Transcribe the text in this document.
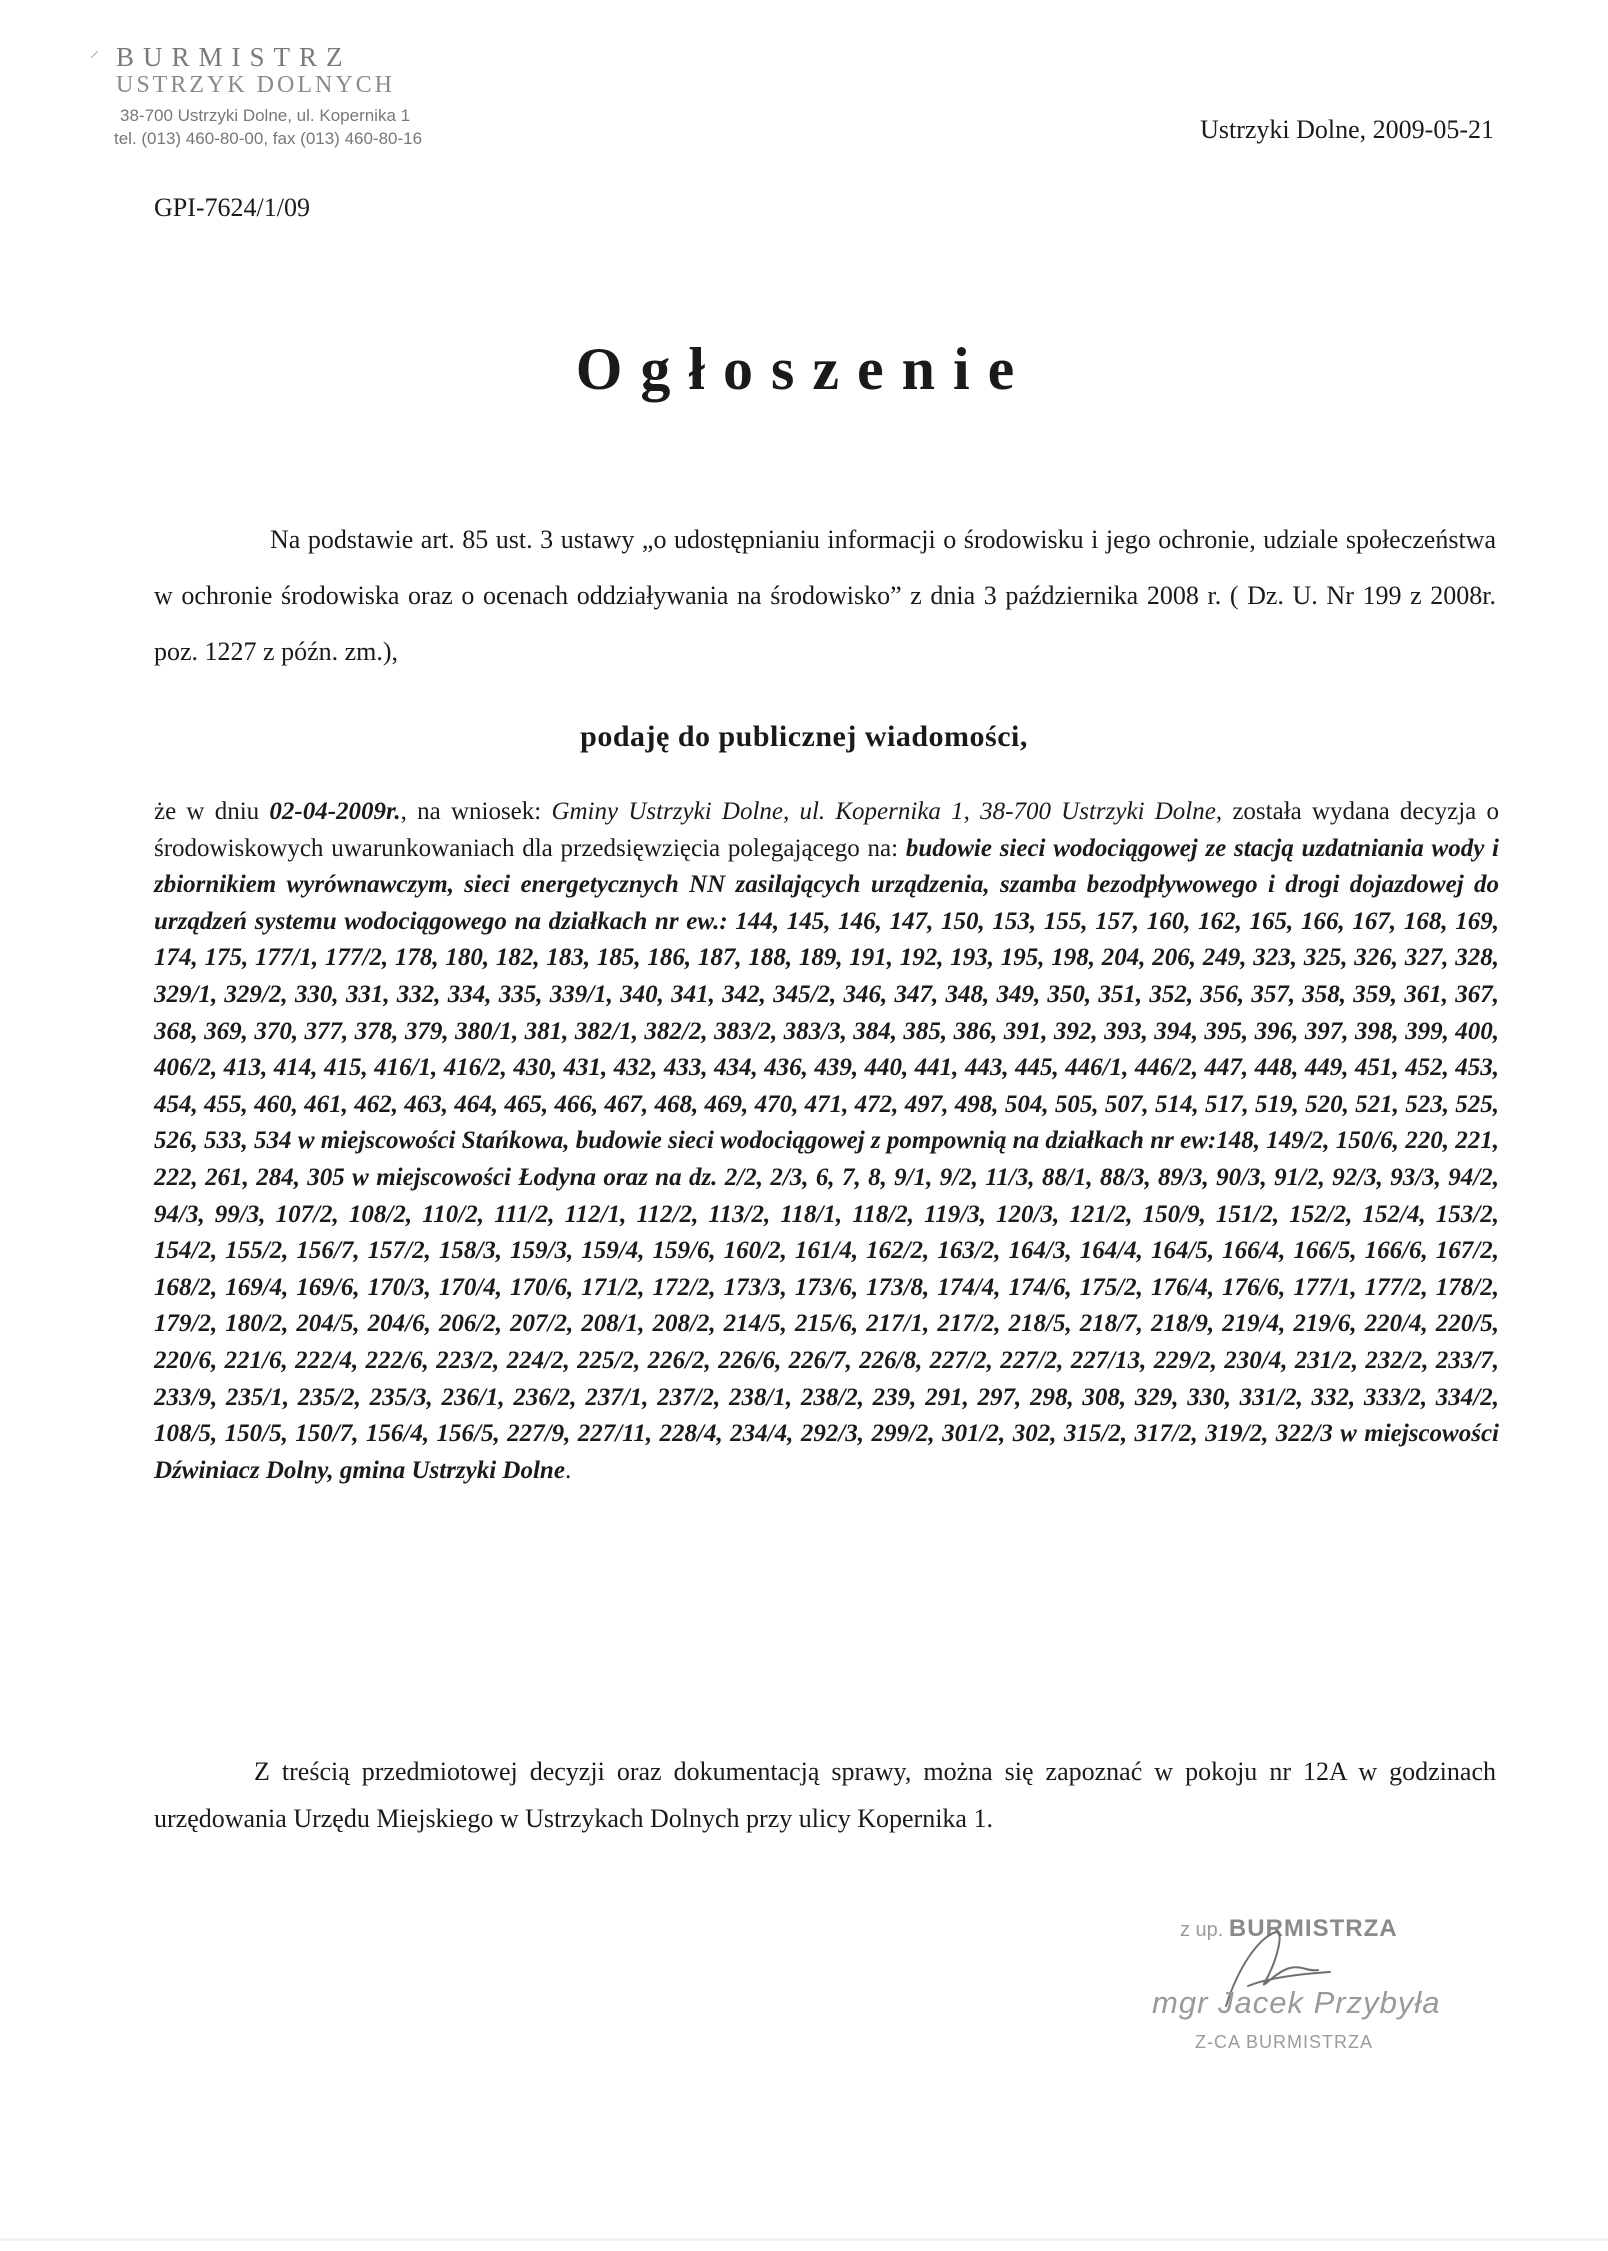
⸍ BURMISTRZ
USTRZYK DOLNYCH
38-700 Ustrzyki Dolne, ul. Kopernika 1
tel. (013) 460-80-00, fax (013) 460-80-16	Ustrzyki Dolne, 2009-05-21
GPI-7624/1/09
Ogłoszenie
Na podstawie art. 85 ust. 3 ustawy „o udostępnianiu informacji o środowisku i jego ochronie, udziale społeczeństwa w ochronie środowiska oraz o ocenach oddziaływania na środowisko” z dnia 3 października 2008 r. ( Dz. U. Nr 199 z 2008r. poz. 1227 z późn. zm.),
podaję do publicznej wiadomości,
że w dniu 02-04-2009r., na wniosek: Gminy Ustrzyki Dolne, ul. Kopernika 1, 38-700 Ustrzyki Dolne, została wydana decyzja o środowiskowych uwarunkowaniach dla przedsięwzięcia polegającego na: budowie sieci wodociągowej ze stacją uzdatniania wody i zbiornikiem wyrównawczym, sieci energetycznych NN zasilających urządzenia, szamba bezodpływowego i drogi dojazdowej do urządzeń systemu wodociągowego na działkach nr ew.: 144, 145, 146, 147, 150, 153, 155, 157, 160, 162, 165, 166, 167, 168, 169, 174, 175, 177/1, 177/2, 178, 180, 182, 183, 185, 186, 187, 188, 189, 191, 192, 193, 195, 198, 204, 206, 249, 323, 325, 326, 327, 328, 329/1, 329/2, 330, 331, 332, 334, 335, 339/1, 340, 341, 342, 345/2, 346, 347, 348, 349, 350, 351, 352, 356, 357, 358, 359, 361, 367, 368, 369, 370, 377, 378, 379, 380/1, 381, 382/1, 382/2, 383/2, 383/3, 384, 385, 386, 391, 392, 393, 394, 395, 396, 397, 398, 399, 400, 406/2, 413, 414, 415, 416/1, 416/2, 430, 431, 432, 433, 434, 436, 439, 440, 441, 443, 445, 446/1, 446/2, 447, 448, 449, 451, 452, 453, 454, 455, 460, 461, 462, 463, 464, 465, 466, 467, 468, 469, 470, 471, 472, 497, 498, 504, 505, 507, 514, 517, 519, 520, 521, 523, 525, 526, 533, 534 w miejscowości Stańkowa, budowie sieci wodociągowej z pompownią na działkach nr ew:148, 149/2, 150/6, 220, 221, 222, 261, 284, 305 w miejscowości Łodyna oraz na dz. 2/2, 2/3, 6, 7, 8, 9/1, 9/2, 11/3, 88/1, 88/3, 89/3, 90/3, 91/2, 92/3, 93/3, 94/2, 94/3, 99/3, 107/2, 108/2, 110/2, 111/2, 112/1, 112/2, 113/2, 118/1, 118/2, 119/3, 120/3, 121/2, 150/9, 151/2, 152/2, 152/4, 153/2, 154/2, 155/2, 156/7, 157/2, 158/3, 159/3, 159/4, 159/6, 160/2, 161/4, 162/2, 163/2, 164/3, 164/4, 164/5, 166/4, 166/5, 166/6, 167/2, 168/2, 169/4, 169/6, 170/3, 170/4, 170/6, 171/2, 172/2, 173/3, 173/6, 173/8, 174/4, 174/6, 175/2, 176/4, 176/6, 177/1, 177/2, 178/2, 179/2, 180/2, 204/5, 204/6, 206/2, 207/2, 208/1, 208/2, 214/5, 215/6, 217/1, 217/2, 218/5, 218/7, 218/9, 219/4, 219/6, 220/4, 220/5, 220/6, 221/6, 222/4, 222/6, 223/2, 224/2, 225/2, 226/2, 226/6, 226/7, 226/8, 227/2, 227/2, 227/13, 229/2, 230/4, 231/2, 232/2, 233/7, 233/9, 235/1, 235/2, 235/3, 236/1, 236/2, 237/1, 237/2, 238/1, 238/2, 239, 291, 297, 298, 308, 329, 330, 331/2, 332, 333/2, 334/2, 108/5, 150/5, 150/7, 156/4, 156/5, 227/9, 227/11, 228/4, 234/4, 292/3, 299/2, 301/2, 302, 315/2, 317/2, 319/2, 322/3 w miejscowości Dźwiniacz Dolny, gmina Ustrzyki Dolne.
Z treścią przedmiotowej decyzji oraz dokumentacją sprawy, można się zapoznać w pokoju nr 12A w godzinach urzędowania Urzędu Miejskiego w Ustrzykach Dolnych przy ulicy Kopernika 1.
z up. BURMISTRZA
mgr Jacek Przybyła
Z-CA BURMISTRZA
